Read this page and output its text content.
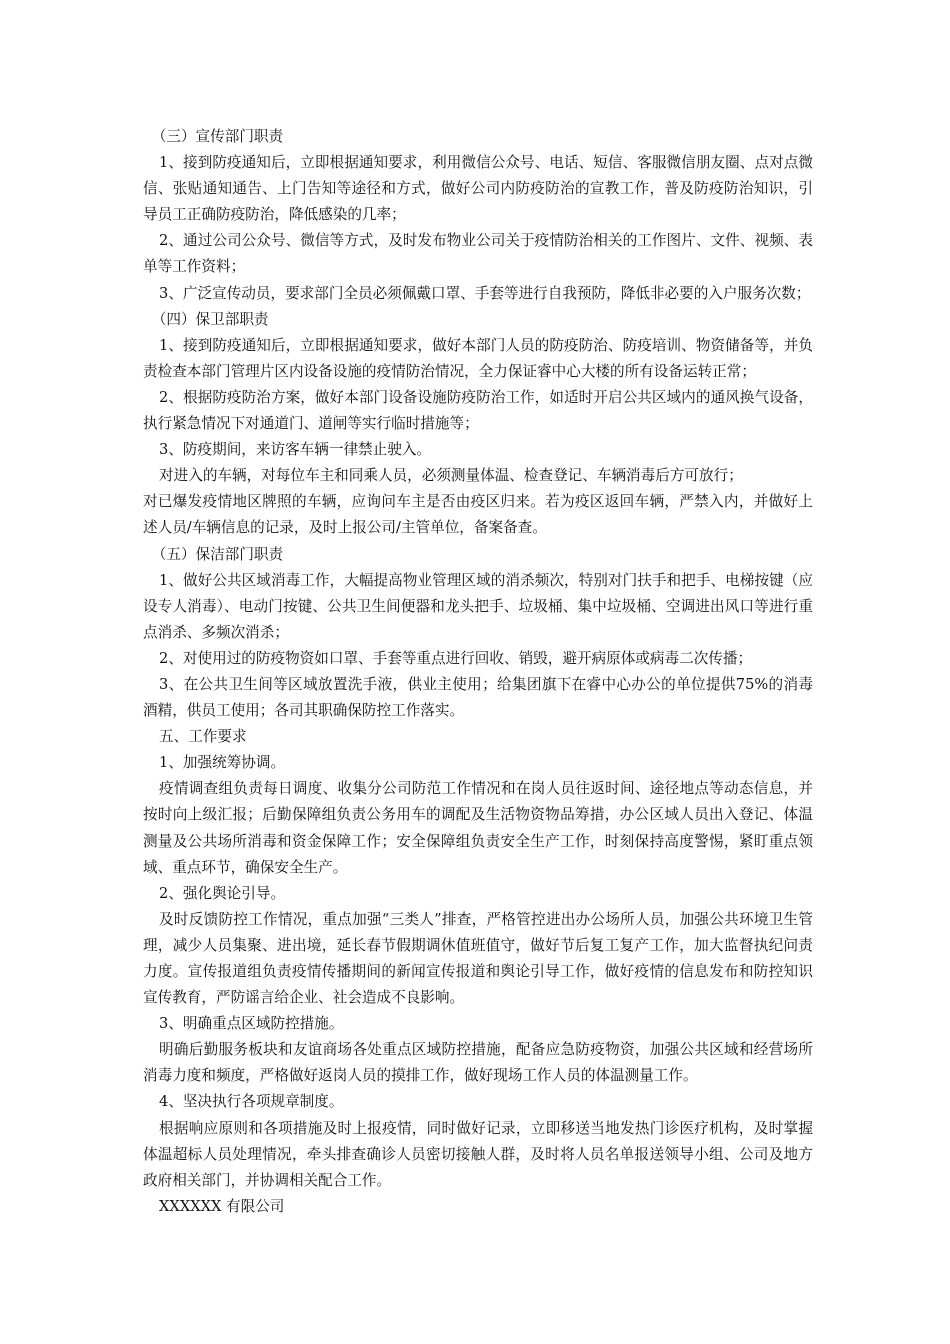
（三）宣传部门职责

1、接到防疫通知后，立即根据通知要求，利用微信公众号、电话、短信、客服微信朋友圈、点对点微信、张贴通知通告、上门告知等途径和方式，做好公司内防疫防治的宣教工作，普及防疫防治知识，引导员工正确防疫防治，降低感染的几率；

2、通过公司公众号、微信等方式，及时发布物业公司关于疫情防治相关的工作图片、文件、视频、表单等工作资料；

3、广泛宣传动员，要求部门全员必须佩戴口罩、手套等进行自我预防，降低非必要的入户服务次数；

（四）保卫部职责

1、接到防疫通知后，立即根据通知要求，做好本部门人员的防疫防治、防疫培训、物资储备等，并负责检查本部门管理片区内设备设施的疫情防治情况，全力保证睿中心大楼的所有设备运转正常；

2、根据防疫防治方案，做好本部门设备设施防疫防治工作，如适时开启公共区域内的通风换气设备，执行紧急情况下对通道门、道闸等实行临时措施等；

3、防疫期间，来访客车辆一律禁止驶入。

对进入的车辆，对每位车主和同乘人员，必须测量体温、检查登记、车辆消毒后方可放行；

对已爆发疫情地区牌照的车辆，应询问车主是否由疫区归来。若为疫区返回车辆，严禁入内，并做好上述人员/车辆信息的记录，及时上报公司/主管单位，备案备查。

（五）保洁部门职责

1、做好公共区域消毒工作，大幅提高物业管理区域的消杀频次，特别对门扶手和把手、电梯按键（应设专人消毒）、电动门按键、公共卫生间便器和龙头把手、垃圾桶、集中垃圾桶、空调进出风口等进行重点消杀、多频次消杀；

2、对使用过的防疫物资如口罩、手套等重点进行回收、销毁，避开病原体或病毒二次传播；

3、在公共卫生间等区域放置洗手液，供业主使用；给集团旗下在睿中心办公的单位提供75%的消毒酒精，供员工使用；各司其职确保防控工作落实。

五、工作要求

1、加强统筹协调。

疫情调查组负责每日调度、收集分公司防范工作情况和在岗人员往返时间、途径地点等动态信息，并按时向上级汇报；后勤保障组负责公务用车的调配及生活物资物品筹措，办公区域人员出入登记、体温测量及公共场所消毒和资金保障工作；安全保障组负责安全生产工作，时刻保持高度警惕，紧盯重点领域、重点环节，确保安全生产。

2、强化舆论引导。

及时反馈防控工作情况，重点加强“三类人”排查，严格管控进出办公场所人员，加强公共环境卫生管理，减少人员集聚、进出境，延长春节假期调休值班值守，做好节后复工复产工作，加大监督执纪问责力度。宣传报道组负责疫情传播期间的新闻宣传报道和舆论引导工作，做好疫情的信息发布和防控知识宣传教育，严防谣言给企业、社会造成不良影响。

3、明确重点区域防控措施。

明确后勤服务板块和友谊商场各处重点区域防控措施，配备应急防疫物资，加强公共区域和经营场所消毒力度和频度，严格做好返岗人员的摸排工作，做好现场工作人员的体温测量工作。

4、坚决执行各项规章制度。

根据响应原则和各项措施及时上报疫情，同时做好记录，立即移送当地发热门诊医疗机构，及时掌握体温超标人员处理情况，牵头排查确诊人员密切接触人群，及时将人员名单报送领导小组、公司及地方政府相关部门，并协调相关配合工作。

XXXXXX 有限公司
